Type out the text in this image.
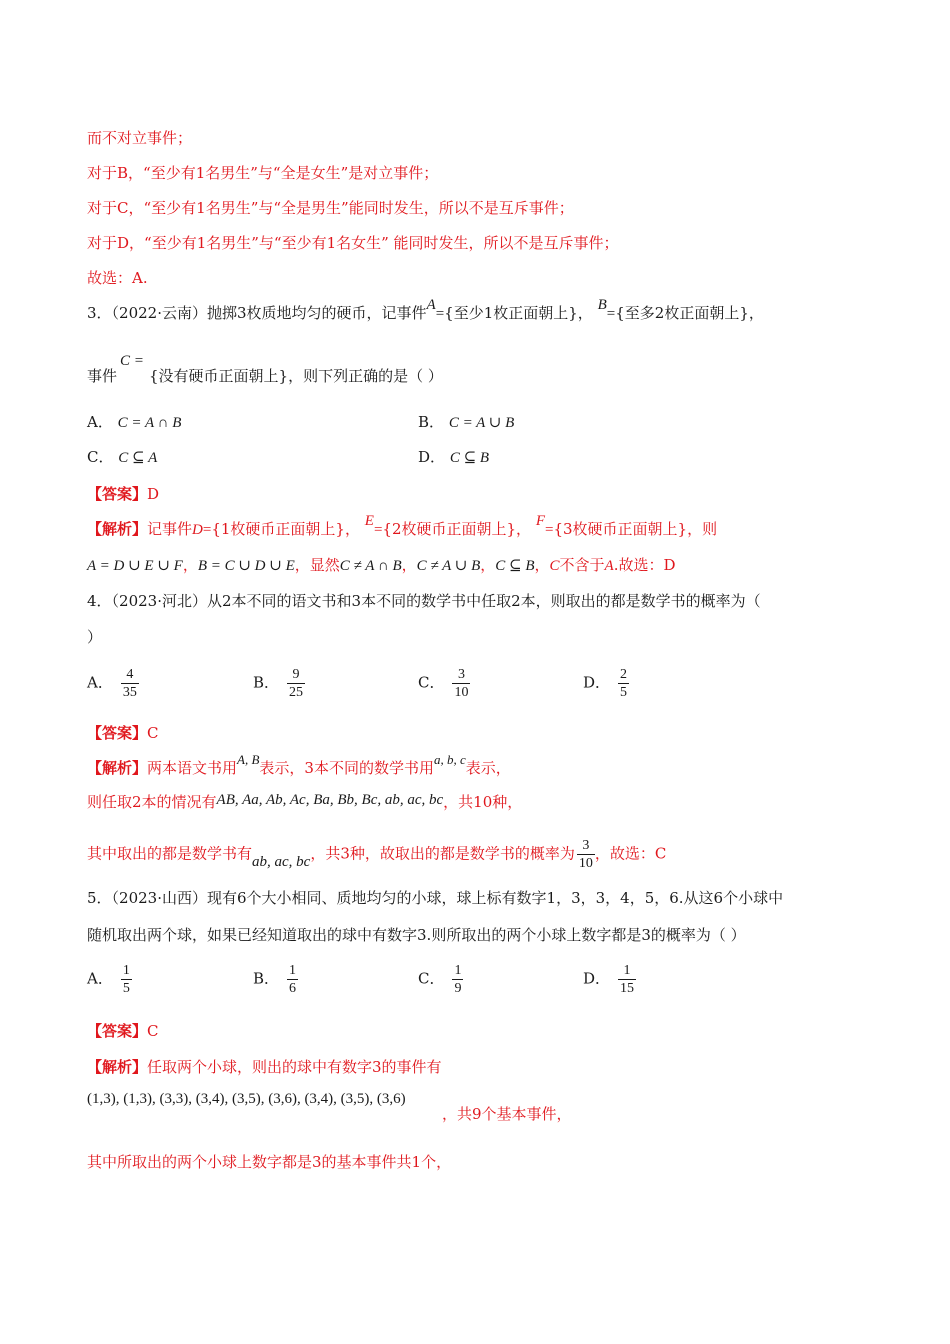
而不对立事件；
对于B，“至少有1名男生”与“全是女生”是对立事件；
对于C，“至少有1名男生”与“全是男生”能同时发生，所以不是互斥事件；
对于D，“至少有1名男生”与“至少有1名女生” 能同时发生，所以不是互斥事件；
故选：A.
3．（2022·云南）抛掷3枚质地均匀的硬币，记事件A={至少1枚正面朝上}， B={至多2枚正面朝上}，
C =
事件 {没有硬币正面朝上}，则下列正确的是（ ）
A． C = A ∩ B	B． C = A ∪ B
C． C ⊆ A	D． C ⊆ B
【答案】D
【解析】记事件D={1枚硬币正面朝上}， E={2枚硬币正面朝上}， F={3枚硬币正面朝上}，则
A = D ∪ E ∪ F，B = C ∪ D ∪ E，显然C ≠ A ∩ B，C ≠ A ∪ B，C ⊆ B，C不含于A.故选：D
4．（2023·河北）从2本不同的语文书和3本不同的数学书中任取2本，则取出的都是数学书的概率为（
）
A． $\frac{4}{35}$	B． $\frac{9}{25}$	C． $\frac{3}{10}$	D． $\frac{2}{5}$
【答案】C
【解析】两本语文书用A, B表示，3本不同的数学书用a, b, c表示，
则任取2本的情况有AB, Aa, Ab, Ac, Ba, Bb, Bc, ab, ac, bc，共10种，
其中取出的都是数学书有ab, ac, bc，共3种，故取出的都是数学书的概率为 $\frac{3}{10}$ ，故选：C
5．（2023·山西）现有6个大小相同、质地均匀的小球，球上标有数字1，3，3，4，5，6.从这6个小球中
随机取出两个球，如果已经知道取出的球中有数字3.则所取出的两个小球上数字都是3的概率为（ ）
A． $\frac{1}{5}$	B． $\frac{1}{6}$	C． $\frac{1}{9}$	D． $\frac{1}{15}$
【答案】C
【解析】任取两个小球，则出的球中有数字3的事件有
(1,3), (1,3), (3,3), (3,4), (3,5), (3,6), (3,4), (3,5), (3,6)
，共9个基本事件，
其中所取出的两个小球上数字都是3的基本事件共1个，
